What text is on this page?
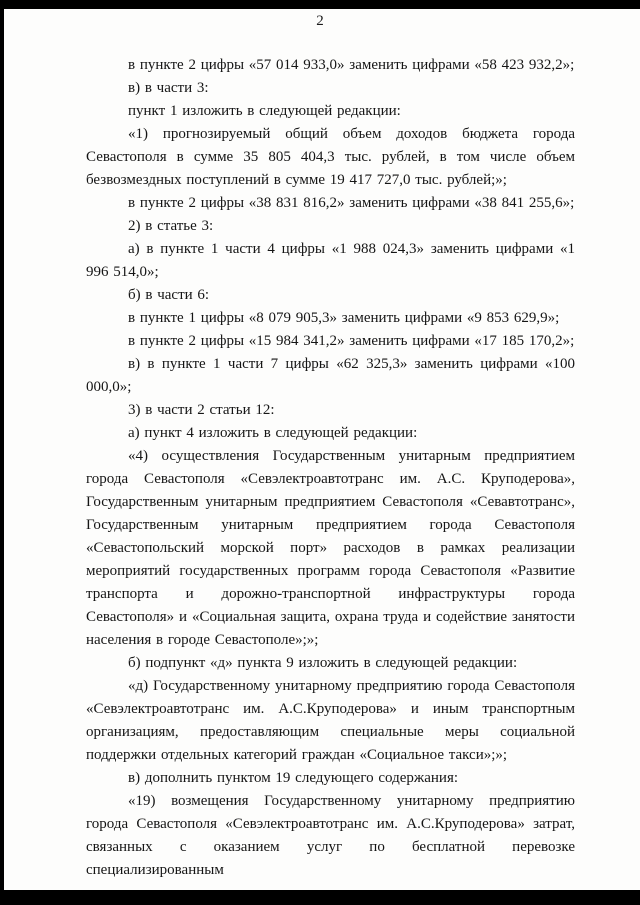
2

в пункте 2 цифры «57 014 933,0» заменить цифрами «58 423 932,2»;

в) в части 3:

пункт 1 изложить в следующей редакции:

«1) прогнозируемый общий объем доходов бюджета города Севастополя в сумме 35 805 404,3 тыс. рублей, в том числе объем безвозмездных поступлений в сумме 19 417 727,0 тыс. рублей;»;

в пункте 2 цифры «38 831 816,2» заменить цифрами «38 841 255,6»;

2) в статье 3:

а) в пункте 1 части 4 цифры «1 988 024,3» заменить цифрами «1 996 514,0»;

б) в части 6:

в пункте 1 цифры «8 079 905,3» заменить цифрами «9 853 629,9»;

в пункте 2 цифры «15 984 341,2» заменить цифрами «17 185 170,2»;

в) в пункте 1 части 7 цифры «62 325,3» заменить цифрами «100 000,0»;

3) в части 2 статьи 12:

а) пункт 4 изложить в следующей редакции:

«4) осуществления Государственным унитарным предприятием города Севастополя «Севэлектроавтотранс им. А.С. Круподерова», Государственным унитарным предприятием Севастополя «Севавтотранс», Государственным унитарным предприятием города Севастополя «Севастопольский морской порт» расходов в рамках реализации мероприятий государственных программ города Севастополя «Развитие транспорта и дорожно-транспортной инфраструктуры города Севастополя» и «Социальная защита, охрана труда и содействие занятости населения в городе Севастополе»;»;

б) подпункт «д» пункта 9 изложить в следующей редакции:

«д) Государственному унитарному предприятию города Севастополя «Севэлектроавтотранс им. А.С.Круподерова» и иным транспортным организациям, предоставляющим специальные меры социальной поддержки отдельных категорий граждан «Социальное такси»;»;

в) дополнить пунктом 19 следующего содержания:

«19) возмещения Государственному унитарному предприятию города Севастополя «Севэлектроавтотранс им. А.С.Круподерова» затрат, связанных с оказанием услуг по бесплатной перевозке специализированным
